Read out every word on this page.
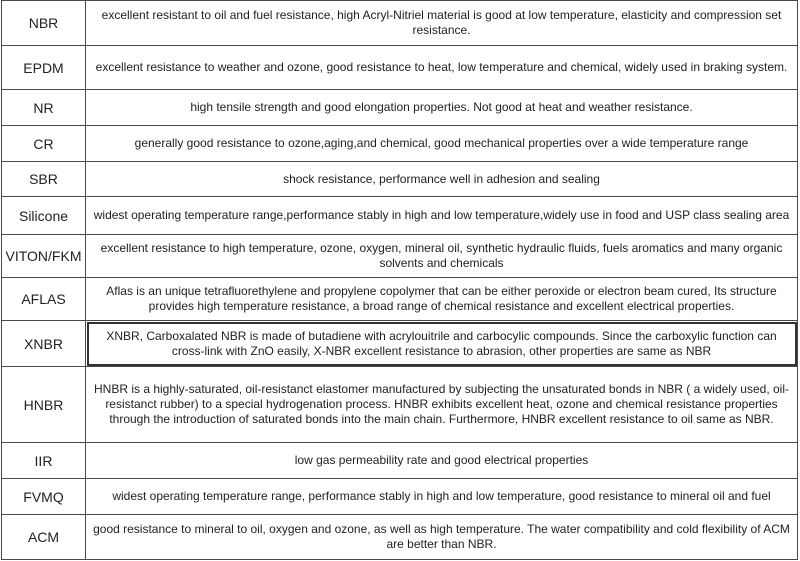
NBR	excellent resistant to oil and fuel resistance, high Acryl-Nitriel material is good at low temperature, elasticity and compression set resistance.
EPDM	excellent resistance to weather and ozone, good resistance to heat, low temperature and chemical, widely used in braking system.
NR	high tensile strength and good elongation properties. Not good at heat and weather resistance.
CR	generally good resistance to ozone,aging,and chemical, good mechanical properties over a wide temperature range
SBR	shock resistance, performance well in adhesion and sealing
Silicone	widest operating temperature range,performance stably in high and low temperature,widely use in food and USP class sealing area
VITON/FKM	excellent resistance to high temperature, ozone, oxygen, mineral oil, synthetic hydraulic fluids, fuels aromatics and many organic solvents and chemicals
AFLAS	Aflas is an unique tetrafluorethylene and propylene copolymer that can be either peroxide or electron beam cured, Its structure provides high temperature resistance, a broad range of chemical resistance and excellent electrical properties.
XNBR	XNBR, Carboxalated NBR is made of butadiene with acrylouitrile and carbocylic compounds. Since the carboxylic function can cross-link with ZnO easily, X-NBR excellent resistance to abrasion, other properties are same as NBR
HNBR	HNBR is a highly-saturated, oil-resistanct elastomer manufactured by subjecting the unsaturated bonds in NBR ( a widely used, oil-resistanct rubber) to a special hydrogenation process. HNBR exhibits excellent heat, ozone and chemical resistance properties through the introduction of saturated bonds into the main chain. Furthermore, HNBR excellent resistance to oil same as NBR.
IIR	low gas permeability rate and good electrical properties
FVMQ	widest operating temperature range, performance stably in high and low temperature, good resistance to mineral oil and fuel
ACM	good resistance to mineral to oil, oxygen and ozone, as well as high temperature. The water compatibility and cold flexibility of ACM are better than NBR.
